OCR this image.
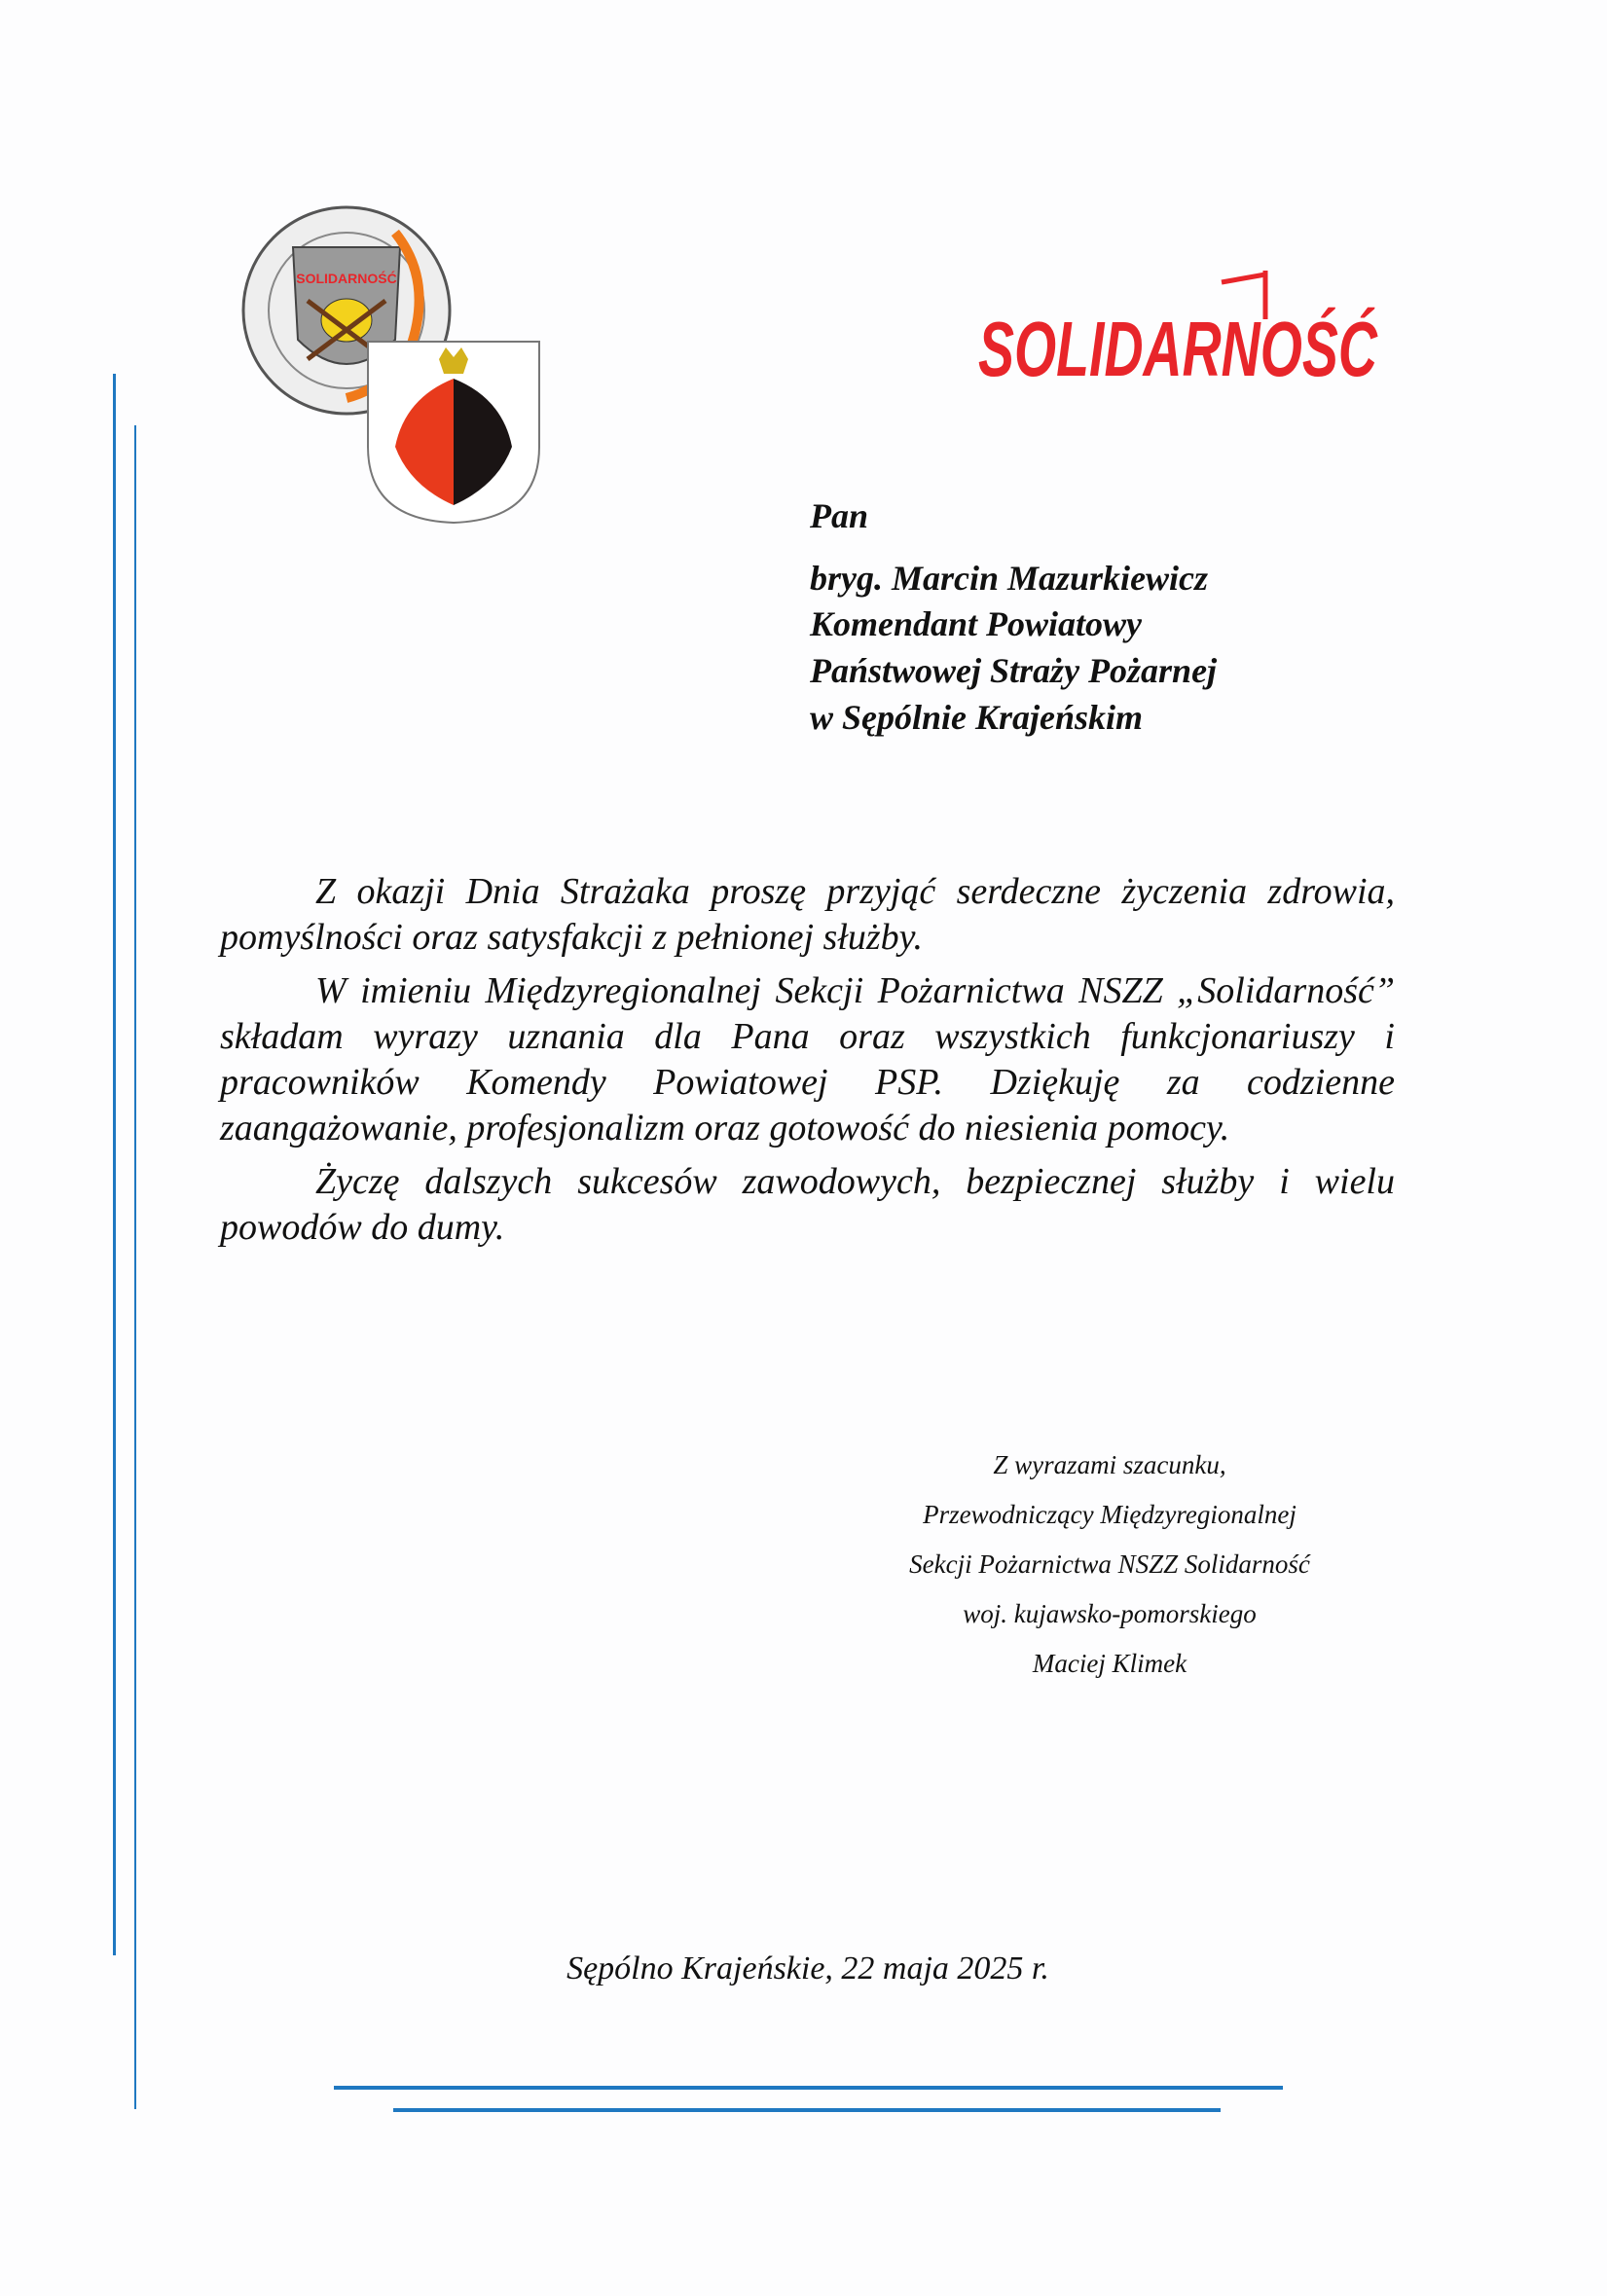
SOLIDARNOŚĆ
SOLIDARNOŚĆ
Pan
bryg. Marcin Mazurkiewicz
Komendant Powiatowy
Państwowej Straży Pożarnej
w Sępólnie Krajeńskim

Z okazji Dnia Strażaka proszę przyjąć serdeczne życzenia zdrowia, pomyślności oraz satysfakcji z pełnionej służby.

W imieniu Międzyregionalnej Sekcji Pożarnictwa NSZZ „Solidarność” składam wyrazy uznania dla Pana oraz wszystkich funkcjonariuszy i pracowników Komendy Powiatowej PSP. Dziękuję za codzienne zaangażowanie, profesjonalizm oraz gotowość do niesienia pomocy.

Życzę dalszych sukcesów zawodowych, bezpiecznej służby i wielu powodów do dumy.

Z wyrazami szacunku,
Przewodniczący Międzyregionalnej
Sekcji Pożarnictwa NSZZ Solidarność
woj. kujawsko-pomorskiego
Maciej Klimek
Sępólno Krajeńskie, 22 maja 2025 r.
